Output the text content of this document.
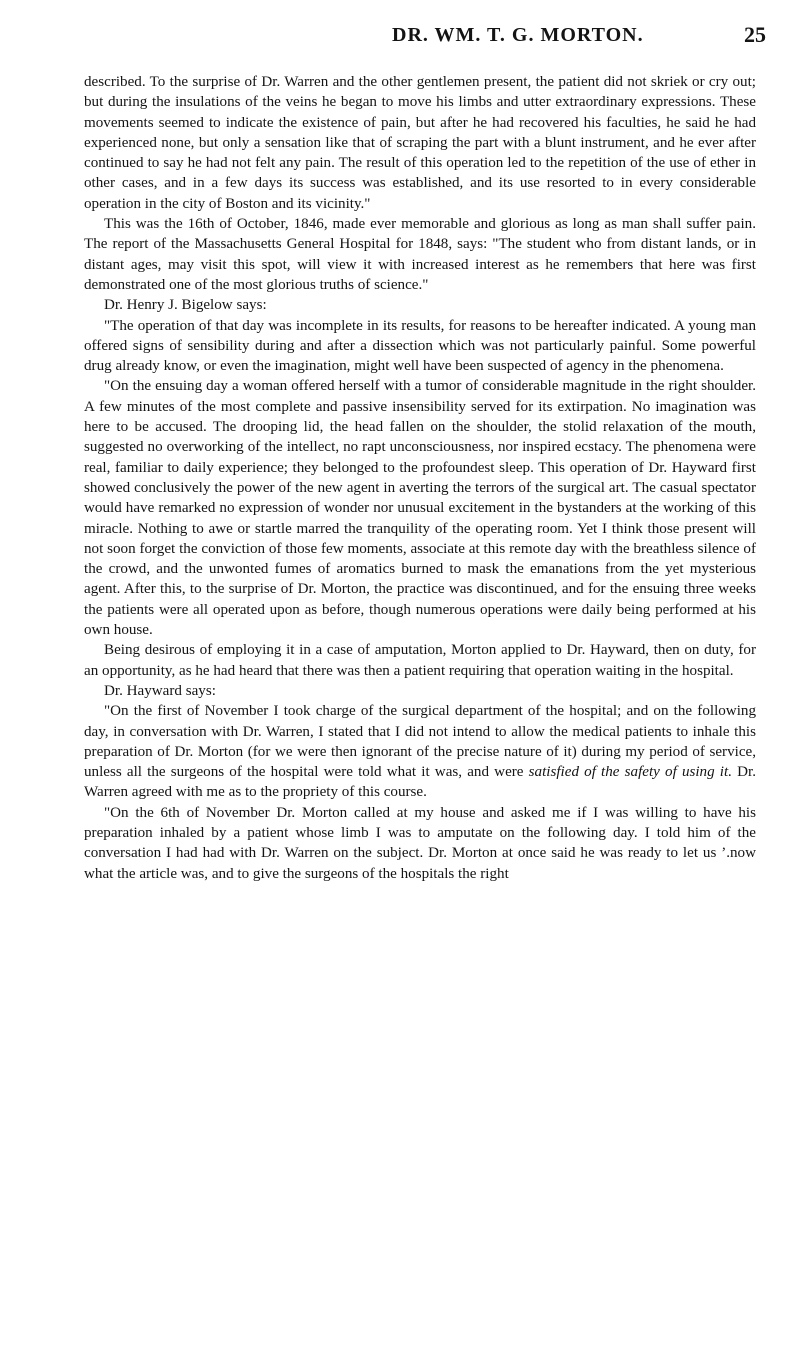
DR. WM. T. G. MORTON.	25

described. To the surprise of Dr. Warren and the other gentlemen present, the patient did not skriek or cry out; but during the insulations of the veins he began to move his limbs and utter extraordinary expressions. These movements seemed to indicate the existence of pain, but after he had recovered his faculties, he said he had experienced none, but only a sensation like that of scraping the part with a blunt instrument, and he ever after continued to say he had not felt any pain. The result of this operation led to the repetition of the use of ether in other cases, and in a few days its success was established, and its use resorted to in every considerable operation in the city of Boston and its vicinity."

This was the 16th of October, 1846, made ever memorable and glorious as long as man shall suffer pain. The report of the Massachusetts General Hospital for 1848, says: "The student who from distant lands, or in distant ages, may visit this spot, will view it with increased interest as he remembers that here was first demonstrated one of the most glorious truths of science."

Dr. Henry J. Bigelow says:

"The operation of that day was incomplete in its results, for reasons to be hereafter indicated. A young man offered signs of sensibility during and after a dissection which was not particularly painful. Some powerful drug already know, or even the imagination, might well have been suspected of agency in the phenomena.

"On the ensuing day a woman offered herself with a tumor of considerable magnitude in the right shoulder. A few minutes of the most complete and passive insensibility served for its extirpation. No imagination was here to be accused. The drooping lid, the head fallen on the shoulder, the stolid relaxation of the mouth, suggested no overworking of the intellect, no rapt unconsciousness, nor inspired ecstacy. The phenomena were real, familiar to daily experience; they belonged to the profoundest sleep. This operation of Dr. Hayward first showed conclusively the power of the new agent in averting the terrors of the surgical art. The casual spectator would have remarked no expression of wonder nor unusual excitement in the bystanders at the working of this miracle. Nothing to awe or startle marred the tranquility of the operating room. Yet I think those present will not soon forget the conviction of those few moments, associate at this remote day with the breathless silence of the crowd, and the unwonted fumes of aromatics burned to mask the emanations from the yet mysterious agent. After this, to the surprise of Dr. Morton, the practice was discontinued, and for the ensuing three weeks the patients were all operated upon as before, though numerous operations were daily being performed at his own house.

Being desirous of employing it in a case of amputation, Morton applied to Dr. Hayward, then on duty, for an opportunity, as he had heard that there was then a patient requiring that operation waiting in the hospital.

Dr. Hayward says:

"On the first of November I took charge of the surgical department of the hospital; and on the following day, in conversation with Dr. Warren, I stated that I did not intend to allow the medical patients to inhale this preparation of Dr. Morton (for we were then ignorant of the precise nature of it) during my period of service, unless all the surgeons of the hospital were told what it was, and were satisfied of the safety of using it. Dr. Warren agreed with me as to the propriety of this course.

"On the 6th of November Dr. Morton called at my house and asked me if I was willing to have his preparation inhaled by a patient whose limb I was to amputate on the following day. I told him of the conversation I had had with Dr. Warren on the subject. Dr. Morton at once said he was ready to let us ’.now what the article was, and to give the surgeons of the hospitals the right
